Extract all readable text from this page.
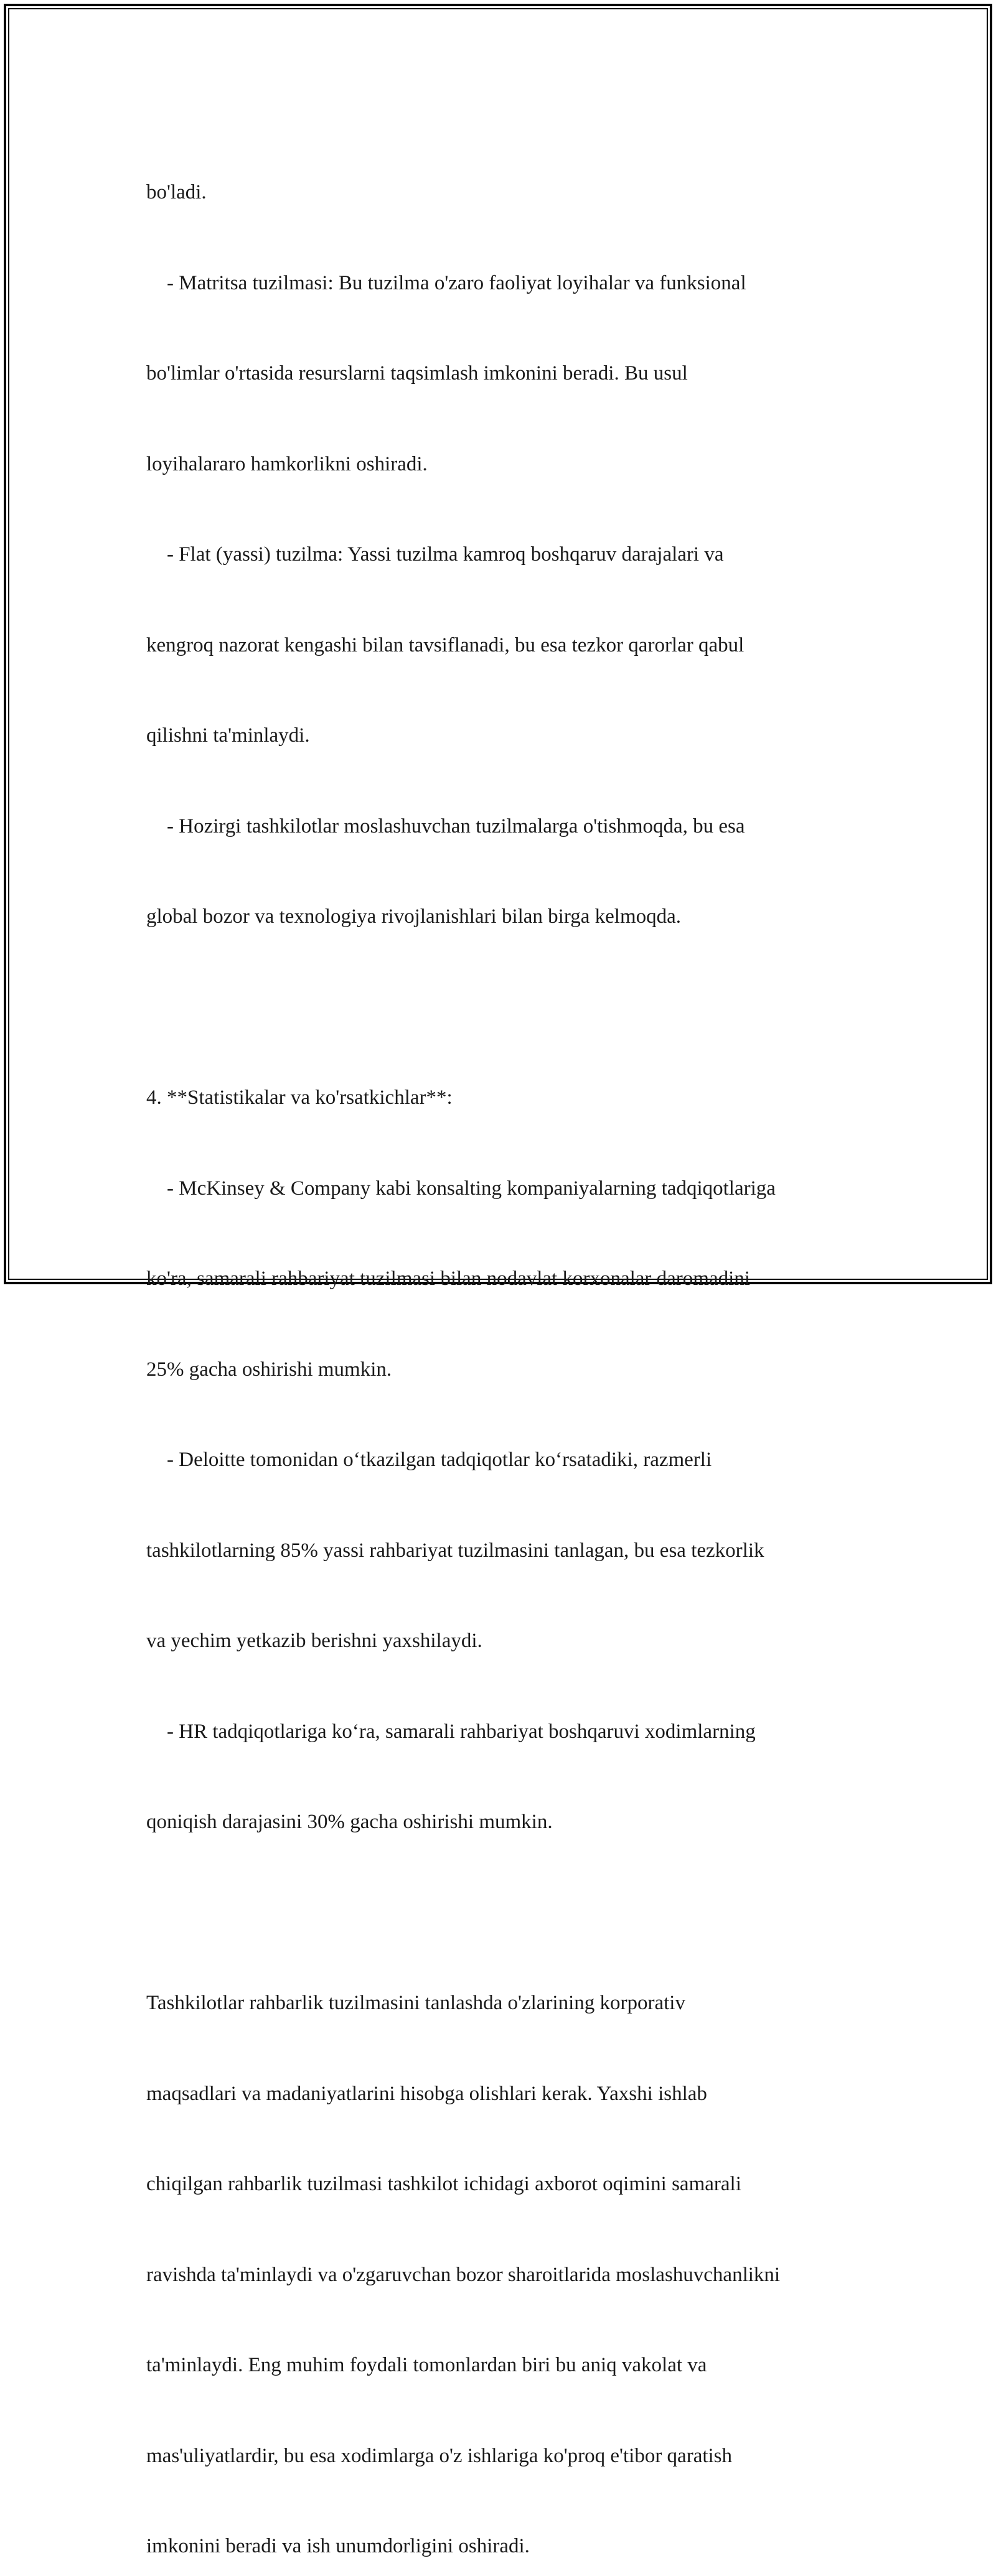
bo'ladi.

- Matritsa tuzilmasi: Bu tuzilma o'zaro faoliyat loyihalar va funksional

bo'limlar o'rtasida resurslarni taqsimlash imkonini beradi. Bu usul

loyihalararo hamkorlikni oshiradi.

- Flat (yassi) tuzilma: Yassi tuzilma kamroq boshqaruv darajalari va

kengroq nazorat kengashi bilan tavsiflanadi, bu esa tezkor qarorlar qabul

qilishni ta'minlaydi.

- Hozirgi tashkilotlar moslashuvchan tuzilmalarga o'tishmoqda, bu esa

global bozor va texnologiya rivojlanishlari bilan birga kelmoqda.

4. **Statistikalar va ko'rsatkichlar**:

- McKinsey & Company kabi konsalting kompaniyalarning tadqiqotlariga

ko'ra, samarali rahbariyat tuzilmasi bilan nodavlat korxonalar daromadini

25% gacha oshirishi mumkin.

- Deloitte tomonidan o‘tkazilgan tadqiqotlar ko‘rsatadiki, razmerli

tashkilotlarning 85% yassi rahbariyat tuzilmasini tanlagan, bu esa tezkorlik

va yechim yetkazib berishni yaxshilaydi.

- HR tadqiqotlariga ko‘ra, samarali rahbariyat boshqaruvi xodimlarning

qoniqish darajasini 30% gacha oshirishi mumkin.

Tashkilotlar rahbarlik tuzilmasini tanlashda o'zlarining korporativ

maqsadlari va madaniyatlarini hisobga olishlari kerak. Yaxshi ishlab

chiqilgan rahbarlik tuzilmasi tashkilot ichidagi axborot oqimini samarali

ravishda ta'minlaydi va o'zgaruvchan bozor sharoitlarida moslashuvchanlikni

ta'minlaydi. Eng muhim foydali tomonlardan biri bu aniq vakolat va

mas'uliyatlardir, bu esa xodimlarga o'z ishlariga ko'proq e'tibor qaratish

imkonini beradi va ish unumdorligini oshiradi.
